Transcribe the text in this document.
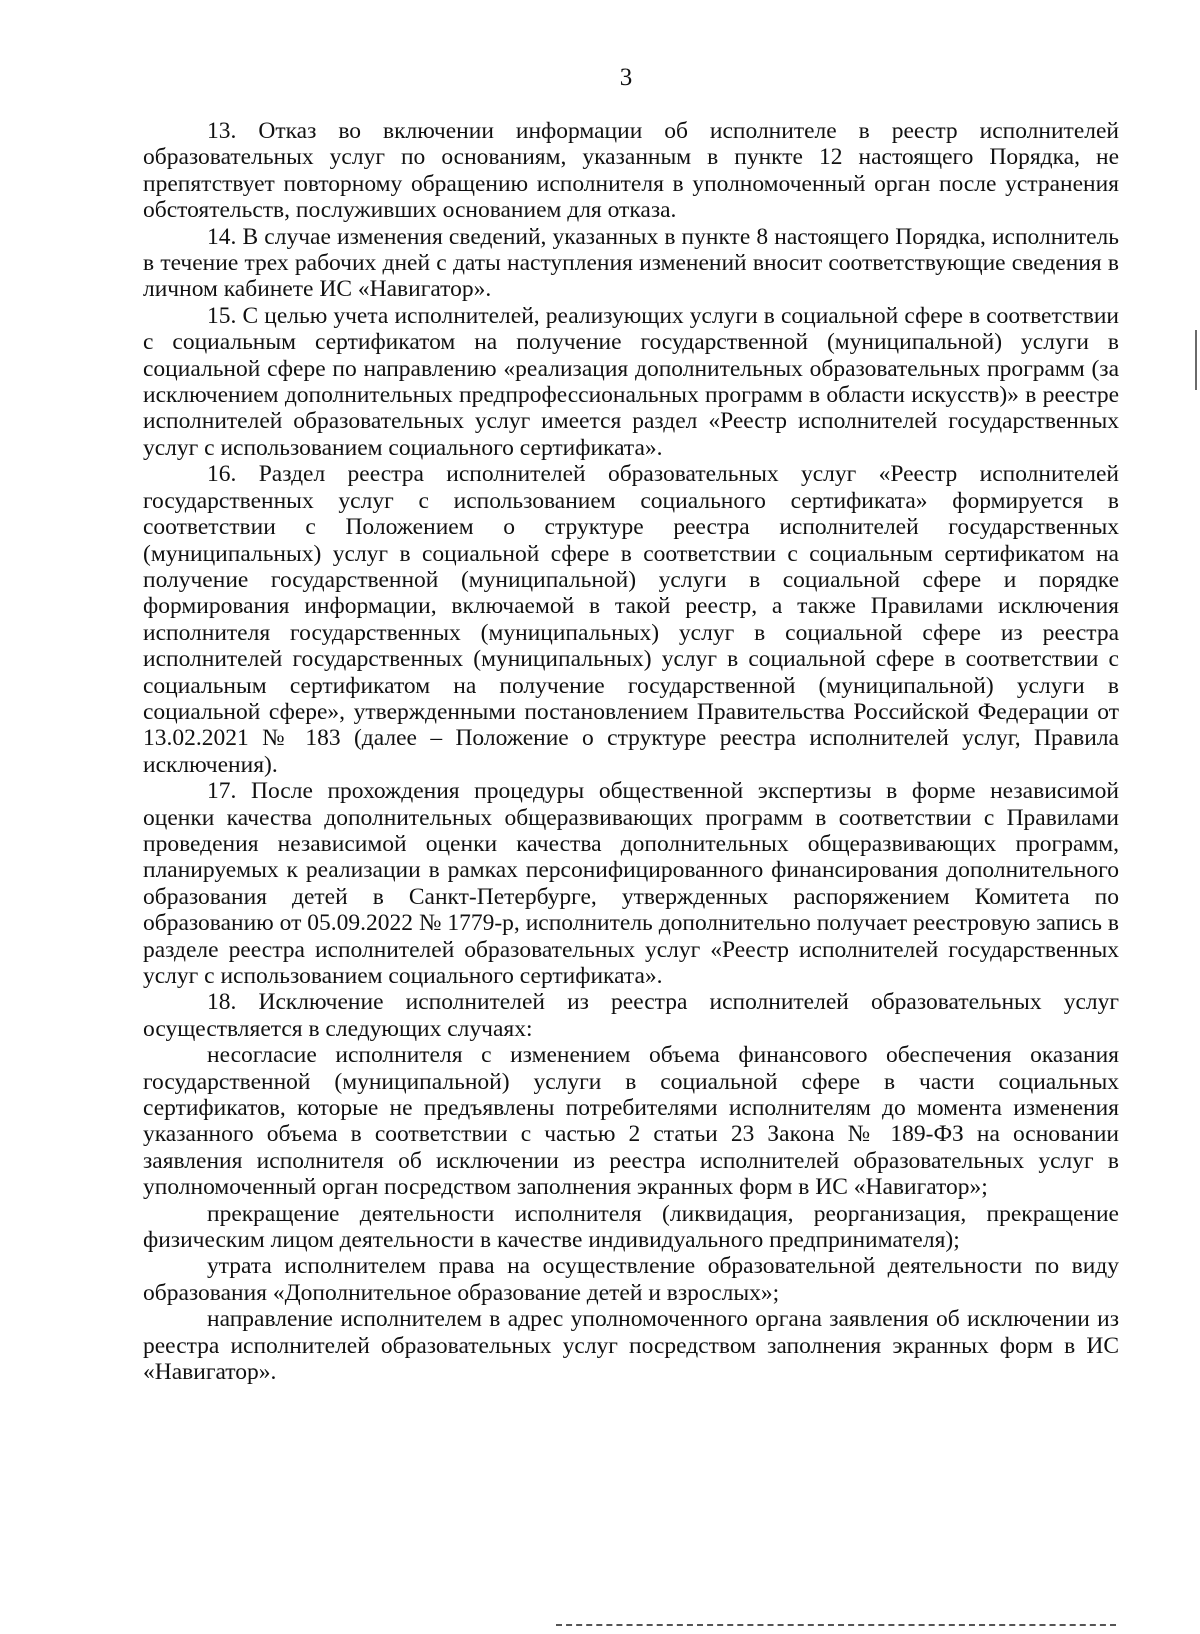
3

13. Отказ во включении информации об исполнителе в реестр исполнителей образовательных услуг по основаниям, указанным в пункте 12 настоящего Порядка, не препятствует повторному обращению исполнителя в уполномоченный орган после устранения обстоятельств, послуживших основанием для отказа.

14. В случае изменения сведений, указанных в пункте 8 настоящего Порядка, исполнитель в течение трех рабочих дней с даты наступления изменений вносит соответствующие сведения в личном кабинете ИС «Навигатор».

15. С целью учета исполнителей, реализующих услуги в социальной сфере в соответствии с социальным сертификатом на получение государственной (муниципальной) услуги в социальной сфере по направлению «реализация дополнительных образовательных программ (за исключением дополнительных предпрофессиональных программ в области искусств)» в реестре исполнителей образовательных услуг имеется раздел «Реестр исполнителей государственных услуг с использованием социального сертификата».

16. Раздел реестра исполнителей образовательных услуг «Реестр исполнителей государственных услуг с использованием социального сертификата» формируется в соответствии с Положением о структуре реестра исполнителей государственных (муниципальных) услуг в социальной сфере в соответствии с социальным сертификатом на получение государственной (муниципальной) услуги в социальной сфере и порядке формирования информации, включаемой в такой реестр, а также Правилами исключения исполнителя государственных (муниципальных) услуг в социальной сфере из реестра исполнителей государственных (муниципальных) услуг в социальной сфере в соответствии с социальным сертификатом на получение государственной (муниципальной) услуги в социальной сфере», утвержденными постановлением Правительства Российской Федерации от 13.02.2021 № 183 (далее – Положение о структуре реестра исполнителей услуг, Правила исключения).

17. После прохождения процедуры общественной экспертизы в форме независимой оценки качества дополнительных общеразвивающих программ в соответствии с Правилами проведения независимой оценки качества дополнительных общеразвивающих программ, планируемых к реализации в рамках персонифицированного финансирования дополнительного образования детей в Санкт-Петербурге, утвержденных распоряжением Комитета по образованию от 05.09.2022 № 1779-р, исполнитель дополнительно получает реестровую запись в разделе реестра исполнителей образовательных услуг «Реестр исполнителей государственных услуг с использованием социального сертификата».

18. Исключение исполнителей из реестра исполнителей образовательных услуг осуществляется в следующих случаях:

несогласие исполнителя с изменением объема финансового обеспечения оказания государственной (муниципальной) услуги в социальной сфере в части социальных сертификатов, которые не предъявлены потребителями исполнителям до момента изменения указанного объема в соответствии с частью 2 статьи 23 Закона № 189-ФЗ на основании заявления исполнителя об исключении из реестра исполнителей образовательных услуг в уполномоченный орган посредством заполнения экранных форм в ИС «Навигатор»;

прекращение деятельности исполнителя (ликвидация, реорганизация, прекращение физическим лицом деятельности в качестве индивидуального предпринимателя);

утрата исполнителем права на осуществление образовательной деятельности по виду образования «Дополнительное образование детей и взрослых»;

направление исполнителем в адрес уполномоченного органа заявления об исключении из реестра исполнителей образовательных услуг посредством заполнения экранных форм в ИС «Навигатор».
